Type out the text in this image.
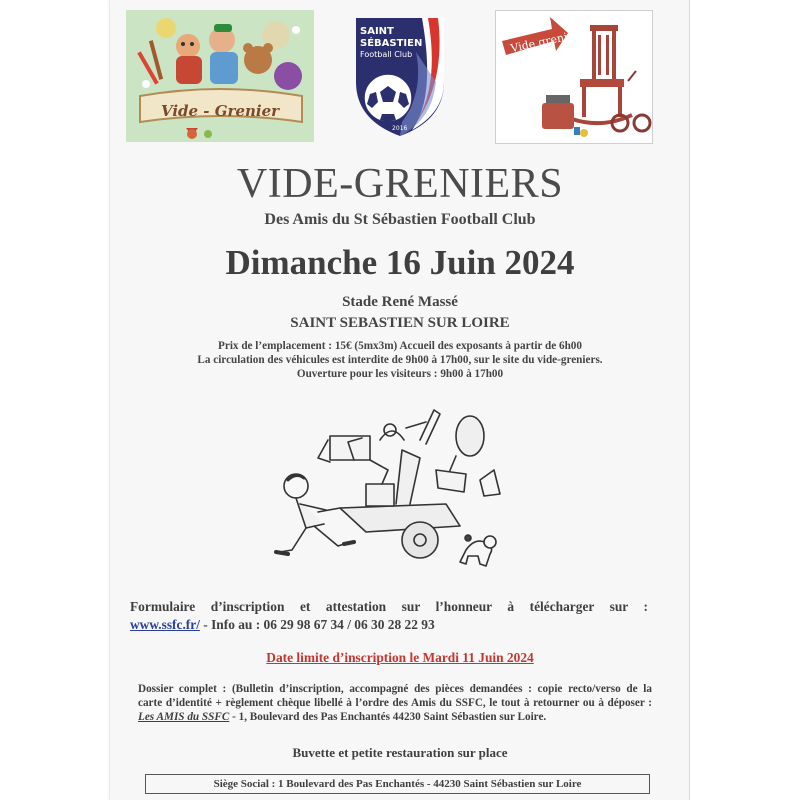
Vide - Grenier
SAINT
SÉBASTIEN
Football Club
2016
Vide grenier
VIDE-GRENIERS
Des Amis du St Sébastien Football Club
Dimanche 16 Juin 2024
Stade René Massé
SAINT SEBASTIEN SUR LOIRE
Prix de l’emplacement : 15€ (5mx3m) Accueil des exposants à partir de 6h00
La circulation des véhicules est interdite de 9h00 à 17h00, sur le site du vide-greniers.
Ouverture pour les visiteurs : 9h00 à 17h00
Formulaire d’inscription et attestation sur l’honneur à télécharger sur :
www.ssfc.fr/ - Info au : 06 29 98 67 34 / 06 30 28 22 93
Date limite d’inscription le Mardi 11 Juin 2024
Dossier complet : (Bulletin d’inscription, accompagné des pièces demandées : copie recto/verso de la
carte d’identité + règlement chèque libellé à l’ordre des Amis du SSFC, le tout à retourner ou à déposer :
Les AMIS du SSFC - 1, Boulevard des Pas Enchantés 44230 Saint Sébastien sur Loire.
Buvette et petite restauration sur place
Siège Social : 1 Boulevard des Pas Enchantés - 44230 Saint Sébastien sur Loire
